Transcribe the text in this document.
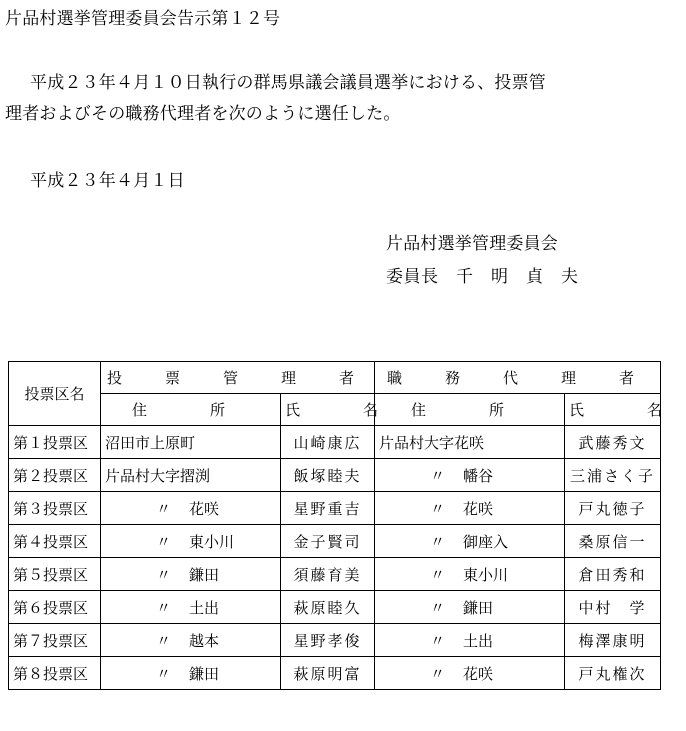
片品村選挙管理委員会告示第１２号
平成２３年４月１０日執行の群馬県議会議員選挙における、投票管
理者およびその職務代理者を次のように選任した。
平成２３年４月１日
片品村選挙管理委員会
委員長　千　明　貞　夫
投票区名	投　票　管　理　者		職　務　代　理　者	
	住　所	氏　名	住　所	氏　名
第１投票区	沼田市上原町	山崎康広	片品村大字花咲	武藤秀文
第２投票区	片品村大字摺渕	飯塚睦夫	〃 幡谷	三浦さく子
第３投票区	〃 花咲	星野重吉	〃 花咲	戸丸徳子
第４投票区	〃 東小川	金子賢司	〃 御座入	桑原信一
第５投票区	〃 鎌田	須藤育美	〃 東小川	倉田秀和
第６投票区	〃 土出	萩原睦久	〃 鎌田	中村　学
第７投票区	〃 越本	星野孝俊	〃 土出	梅澤康明
第８投票区	〃 鎌田	萩原明富	〃 花咲	戸丸権次
